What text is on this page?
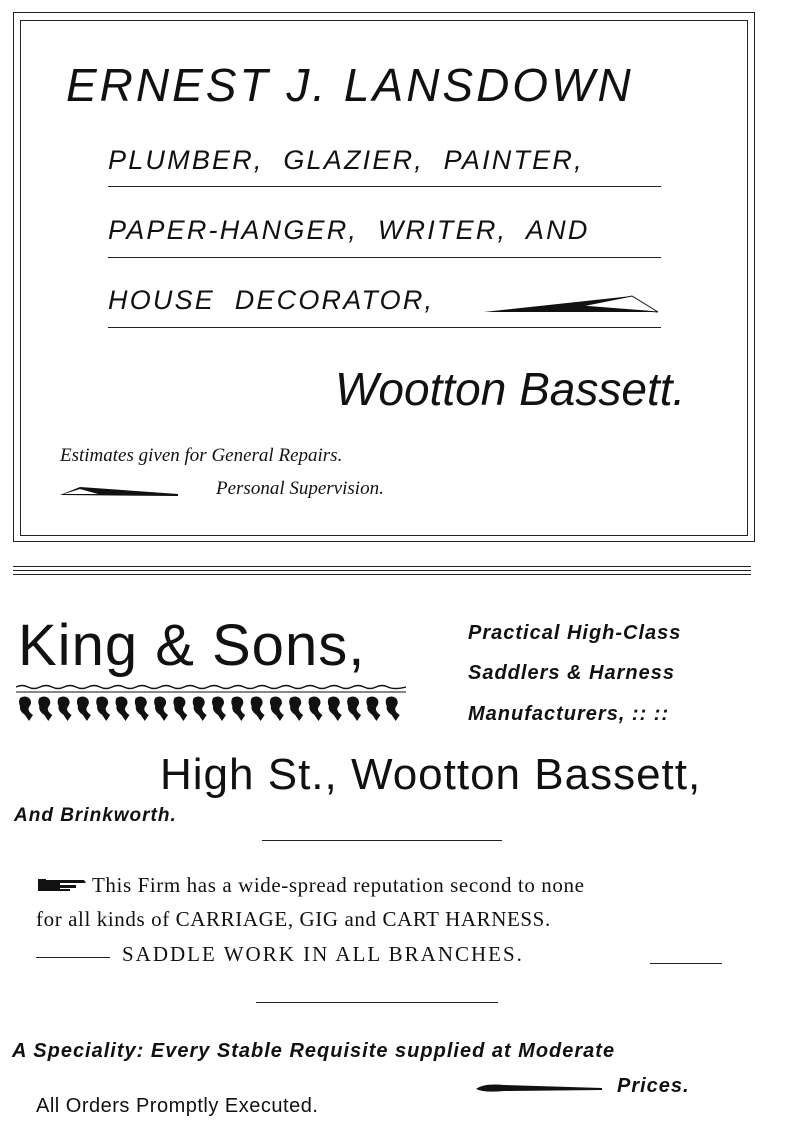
ERNEST J. LANSDOWN
PLUMBER, GLAZIER, PAINTER,
PAPER-HANGER, WRITER, AND
HOUSE DECORATOR,
Wootton Bassett.
Estimates given for General Repairs.
Personal Supervision.
King & Sons,	Practical High-Class
Saddlers & Harness
Manufacturers, :: ::
High St., Wootton Bassett,
And Brinkworth.
This Firm has a wide-spread reputation second to none
for all kinds of CARRIAGE, GIG and CART HARNESS.
SADDLE WORK IN ALL BRANCHES.
A Speciality: Every Stable Requisite supplied at Moderate
Prices.
All Orders Promptly Executed.
